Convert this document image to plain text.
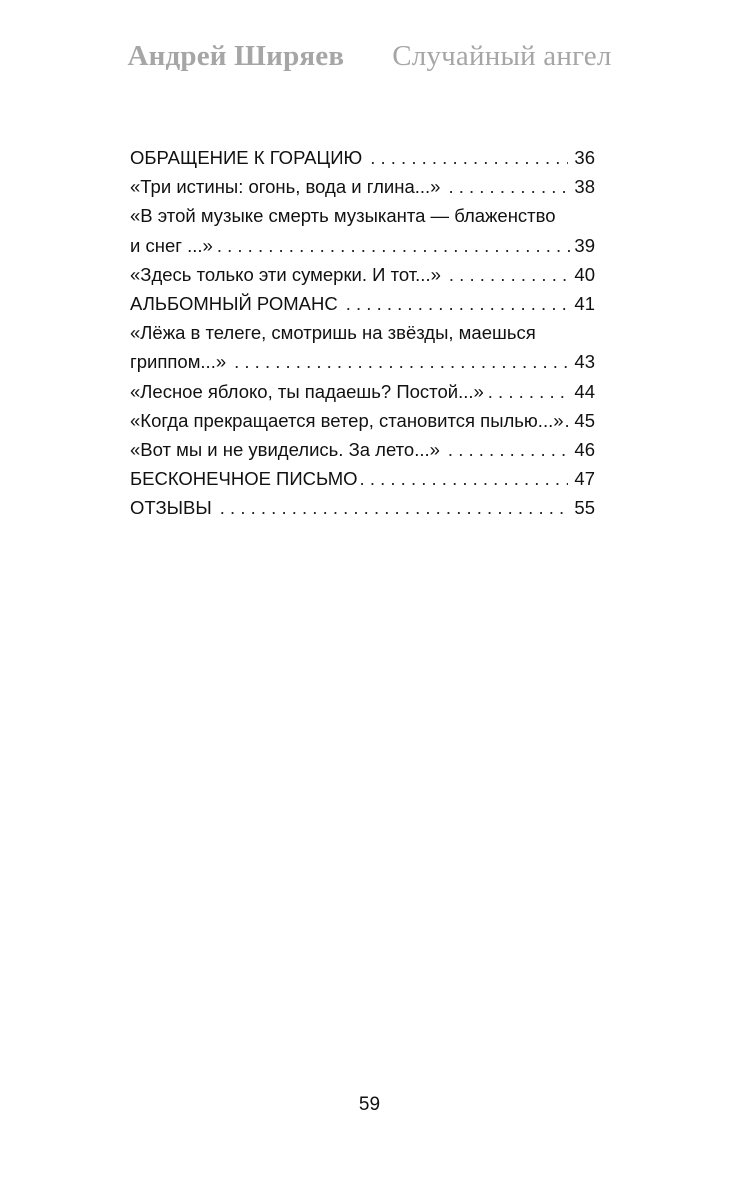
Андрей Ширяев Случайный ангел
ОБРАЩЕНИЕ К ГОРАЦИЮ . . .	36
«Три истины: огонь, вода и глина...» . . .	38
«В этой музыке смерть музыканта — блаженство
и снег ...» . . .	39
«Здесь только эти сумерки. И тот...» . . .	40
АЛЬБОМНЫЙ РОМАНС . . .	41
«Лёжа в телеге, смотришь на звёзды, маешься
гриппом...» . . .	43
«Лесное яблоко, ты падаешь? Постой...» . . .	44
«Когда прекращается ветер, становится пылью...» . . . 45
«Вот мы и не увиделись. За лето...» . . .	46
БЕСКОНЕЧНОЕ ПИСЬМО . . .	47
ОТЗЫВЫ . . .	55
59
